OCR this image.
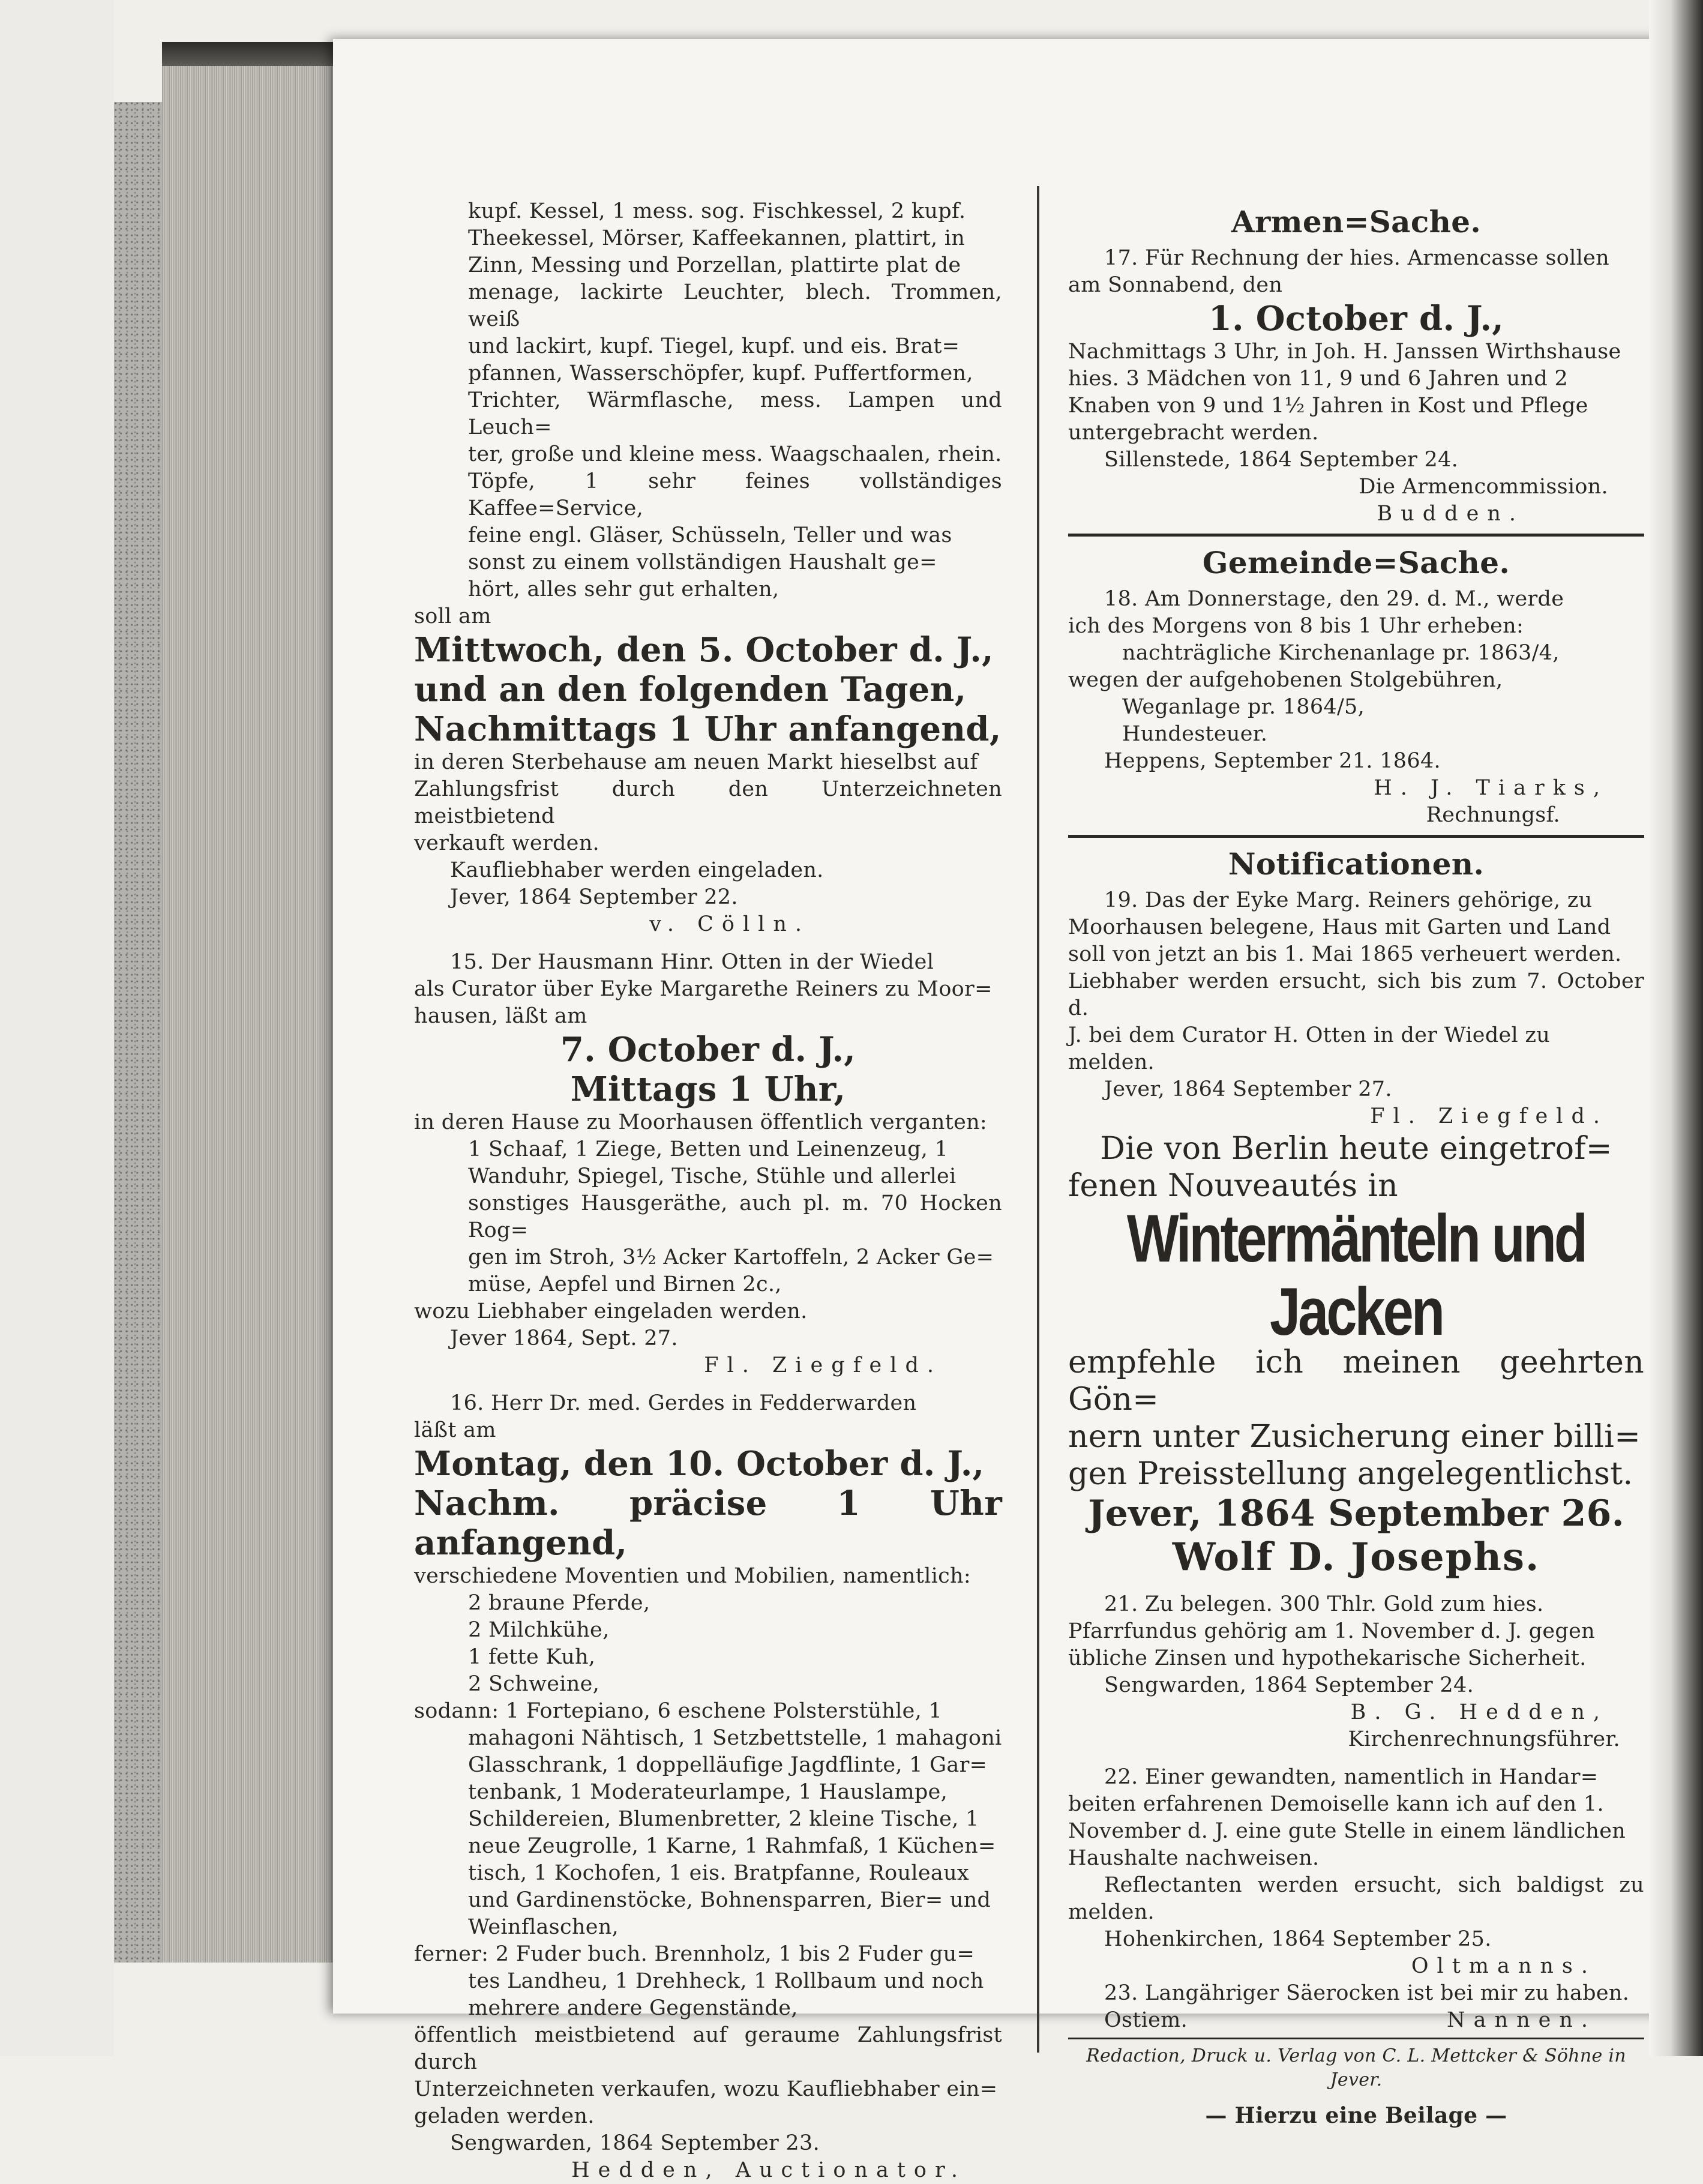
kupf. Kessel, 1 mess. sog. Fischkessel, 2 kupf.

Theekessel, Mörser, Kaffeekannen, plattirt, in

Zinn, Messing und Porzellan, plattirte plat de

menage, lackirte Leuchter, blech. Trommen, weiß

und lackirt, kupf. Tiegel, kupf. und eis. Brat=

pfannen, Wasserschöpfer, kupf. Puffertformen,

Trichter, Wärmflasche, mess. Lampen und Leuch=

ter, große und kleine mess. Waagschaalen, rhein.

Töpfe, 1 sehr feines vollständiges Kaffee=Service,

feine engl. Gläser, Schüsseln, Teller und was

sonst zu einem vollständigen Haushalt ge=

hört, alles sehr gut erhalten,

soll am

Mittwoch, den 5. October d. J.,

und an den folgenden Tagen,

Nachmittags 1 Uhr anfangend,

in deren Sterbehause am neuen Markt hieselbst auf

Zahlungsfrist durch den Unterzeichneten meistbietend

verkauft werden.

Kaufliebhaber werden eingeladen.

Jever, 1864 September 22.

v. Cölln.

15. Der Hausmann Hinr. Otten in der Wiedel

als Curator über Eyke Margarethe Reiners zu Moor=

hausen, läßt am

7. October d. J.,

Mittags 1 Uhr,

in deren Hause zu Moorhausen öffentlich verganten:

1 Schaaf, 1 Ziege, Betten und Leinenzeug, 1

Wanduhr, Spiegel, Tische, Stühle und allerlei

sonstiges Hausgeräthe, auch pl. m. 70 Hocken Rog=

gen im Stroh, 3½ Acker Kartoffeln, 2 Acker Ge=

müse, Aepfel und Birnen 2c.,

wozu Liebhaber eingeladen werden.

Jever 1864, Sept. 27.

Fl. Ziegfeld.

16. Herr Dr. med. Gerdes in Fedderwarden

läßt am

Montag, den 10. October d. J.,

Nachm. präcise 1 Uhr anfangend,

verschiedene Moventien und Mobilien, namentlich:

2 braune Pferde,

2 Milchkühe,

1 fette Kuh,

2 Schweine,

sodann: 1 Fortepiano, 6 eschene Polsterstühle, 1

mahagoni Nähtisch, 1 Setzbettstelle, 1 mahagoni

Glasschrank, 1 doppelläufige Jagdflinte, 1 Gar=

tenbank, 1 Moderateurlampe, 1 Hauslampe,

Schildereien, Blumenbretter, 2 kleine Tische, 1

neue Zeugrolle, 1 Karne, 1 Rahmfaß, 1 Küchen=

tisch, 1 Kochofen, 1 eis. Bratpfanne, Rouleaux

und Gardinenstöcke, Bohnensparren, Bier= und

Weinflaschen,

ferner: 2 Fuder buch. Brennholz, 1 bis 2 Fuder gu=

tes Landheu, 1 Drehheck, 1 Rollbaum und noch

mehrere andere Gegenstände,

öffentlich meistbietend auf geraume Zahlungsfrist durch

Unterzeichneten verkaufen, wozu Kaufliebhaber ein=

geladen werden.

Sengwarden, 1864 September 23.

Hedden, Auctionator.

Armen=Sache.

17. Für Rechnung der hies. Armencasse sollen

am Sonnabend, den

1. October d. J.,

Nachmittags 3 Uhr, in Joh. H. Janssen Wirthshause

hies. 3 Mädchen von 11, 9 und 6 Jahren und 2

Knaben von 9 und 1½ Jahren in Kost und Pflege

untergebracht werden.

Sillenstede, 1864 September 24.

Die Armencommission.

Budden.

Gemeinde=Sache.

18. Am Donnerstage, den 29. d. M., werde

ich des Morgens von 8 bis 1 Uhr erheben:

nachträgliche Kirchenanlage pr. 1863/4,

wegen der aufgehobenen Stolgebühren,

Weganlage pr. 1864/5,

Hundesteuer.

Heppens, September 21. 1864.

H. J. Tiarks,

Rechnungsf.

Notificationen.

19. Das der Eyke Marg. Reiners gehörige, zu

Moorhausen belegene, Haus mit Garten und Land

soll von jetzt an bis 1. Mai 1865 verheuert werden.

Liebhaber werden ersucht, sich bis zum 7. October d.

J. bei dem Curator H. Otten in der Wiedel zu

melden.

Jever, 1864 September 27.

Fl. Ziegfeld.

Die von Berlin heute eingetrof=

fenen Nouveautés in

Wintermänteln und Jacken

empfehle ich meinen geehrten Gön=

nern unter Zusicherung einer billi=

gen Preisstellung angelegentlichst.

Jever, 1864 September 26.

Wolf D. Josephs.

21. Zu belegen. 300 Thlr. Gold zum hies.

Pfarrfundus gehörig am 1. November d. J. gegen

übliche Zinsen und hypothekarische Sicherheit.

Sengwarden, 1864 September 24.

B. G. Hedden,

Kirchenrechnungsführer.

22. Einer gewandten, namentlich in Handar=

beiten erfahrenen Demoiselle kann ich auf den 1.

November d. J. eine gute Stelle in einem ländlichen

Haushalte nachweisen.

Reflectanten werden ersucht, sich baldigst zu melden.

Hohenkirchen, 1864 September 25.

Oltmanns.

23. Langähriger Säerocken ist bei mir zu haben.

Ostiem.	Nannen.

Redaction, Druck u. Verlag von C. L. Mettcker & Söhne in Jever.

— Hierzu eine Beilage —
